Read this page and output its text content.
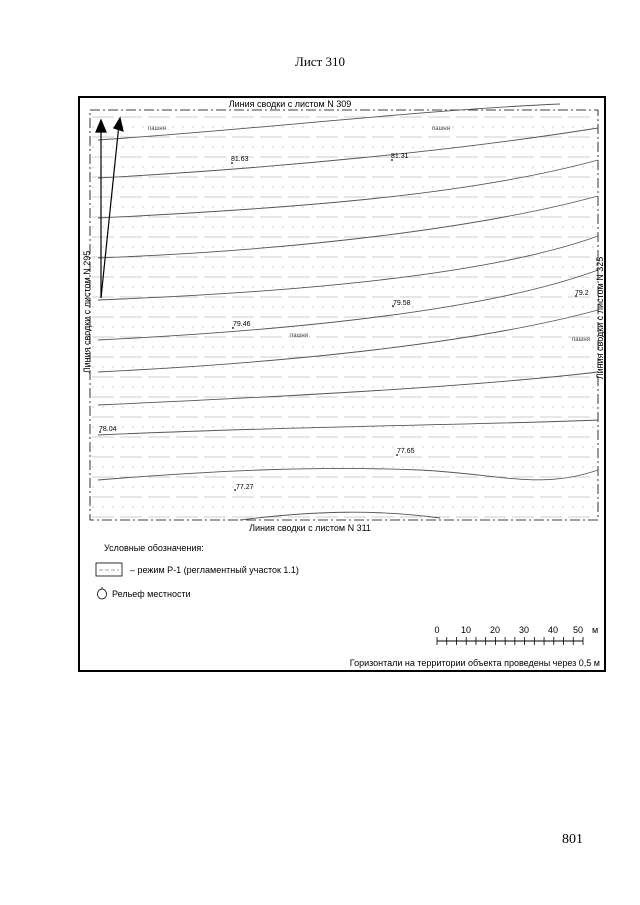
Лист 310
Линия сводки с листом N 309
Линия сводки с листом N 311
Линия сводки с листом N 295	Линия сводки с листом N 325
пашня	пашня
пашня
пашня
81.63	81.31
79.58
79.2
79.46
78.04
77.65
77.27
Условные обозначения:
– режим Р-1 (регламентный участок 1.1)
Рельеф местности
0 10 20 30 40 50 м
Горизонтали на территории объекта проведены через 0,5 м
801
